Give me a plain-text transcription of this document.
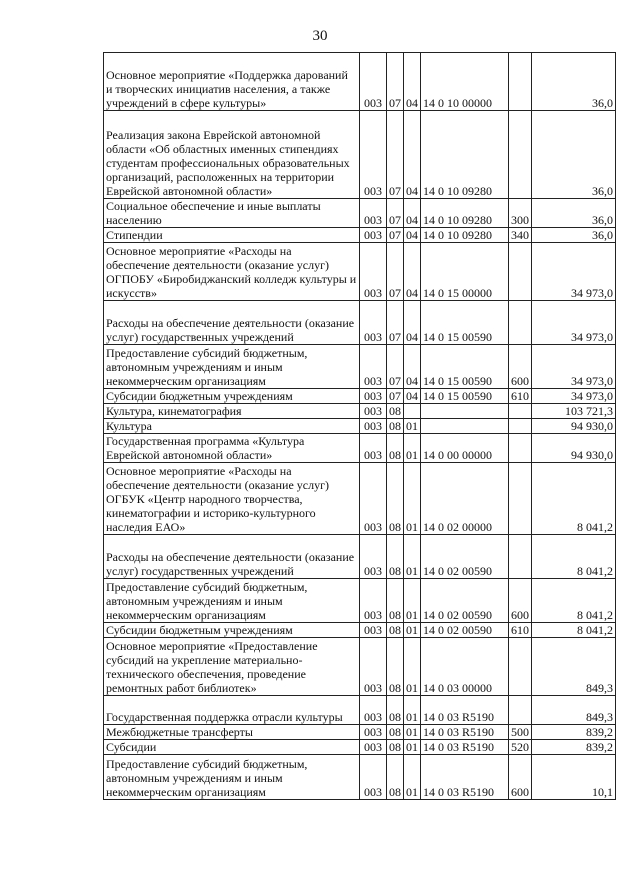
30
Основное мероприятие «Поддержка дарований и творческих инициатив населения, а также учреждений в сфере культуры»	003	07	04	14 0 10 00000		36,0
Реализация закона Еврейской автономной области «Об областных именных стипендиях студентам профессиональных образовательных организаций, расположенных на территории Еврейской автономной области»	003	07	04	14 0 10 09280		36,0
Социальное обеспечение и иные выплаты населению	003	07	04	14 0 10 09280	300	36,0
Стипендии	003	07	04	14 0 10 09280	340	36,0
Основное мероприятие «Расходы на обеспечение деятельности (оказание услуг) ОГПОБУ «Биробиджанский колледж культуры и искусств»	003	07	04	14 0 15 00000		34 973,0
Расходы на обеспечение деятельности (оказание услуг) государственных учреждений	003	07	04	14 0 15 00590		34 973,0
Предоставление субсидий бюджетным, автономным учреждениям и иным некоммерческим организациям	003	07	04	14 0 15 00590	600	34 973,0
Субсидии бюджетным учреждениям	003	07	04	14 0 15 00590	610	34 973,0
Культура, кинематография	003	08				103 721,3
Культура	003	08	01			94 930,0
Государственная программа «Культура Еврейской автономной области»	003	08	01	14 0 00 00000		94 930,0
Основное мероприятие «Расходы на обеспечение деятельности (оказание услуг) ОГБУК «Центр народного творчества, кинематографии и историко-культурного наследия ЕАО»	003	08	01	14 0 02 00000		8 041,2
Расходы на обеспечение деятельности (оказание услуг) государственных учреждений	003	08	01	14 0 02 00590		8 041,2
Предоставление субсидий бюджетным, автономным учреждениям и иным некоммерческим организациям	003	08	01	14 0 02 00590	600	8 041,2
Субсидии бюджетным учреждениям	003	08	01	14 0 02 00590	610	8 041,2
Основное мероприятие «Предоставление субсидий на укрепление материально-технического обеспечения, проведение ремонтных работ библиотек»	003	08	01	14 0 03 00000		849,3
Государственная поддержка отрасли культуры	003	08	01	14 0 03 R5190		849,3
Межбюджетные трансферты	003	08	01	14 0 03 R5190	500	839,2
Субсидии	003	08	01	14 0 03 R5190	520	839,2
Предоставление субсидий бюджетным, автономным учреждениям и иным некоммерческим организациям	003	08	01	14 0 03 R5190	600	10,1
